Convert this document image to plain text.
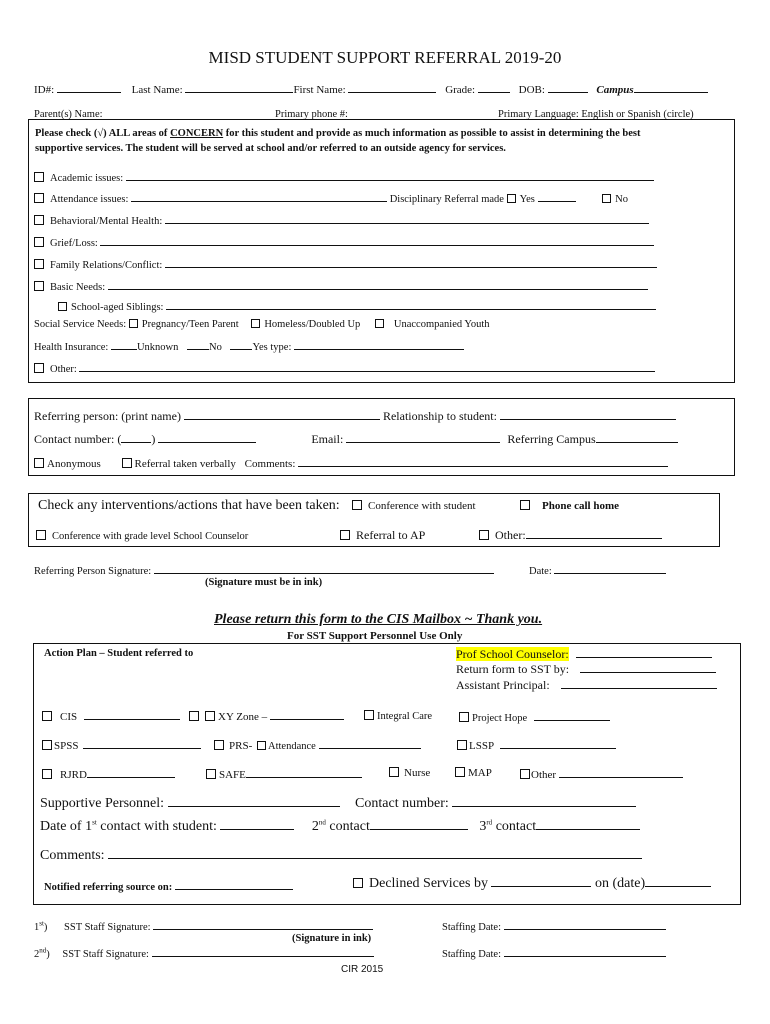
MISD STUDENT SUPPORT REFERRAL 2019-20
ID#:	Last Name:	First Name:	Grade:	DOB:	Campus
Parent(s) Name:	Primary phone #:	Primary Language: English or Spanish (circle)
Please check (√) ALL areas of CONCERN for this student and provide as much information as possible to assist in determining the best
supportive services. The student will be served at school and/or referred to an outside agency for services.
Academic issues:
Attendance issues:	Disciplinary Referral made Yes	No
Behavioral/Mental Health:
Grief/Loss:
Family Relations/Conflict:
Basic Needs:
School-aged Siblings:
Social Service Needs: Pregnancy/Teen Parent Homeless/Doubled Up	Unaccompanied Youth
Health Insurance:	Unknown	No	Yes type:
Other:
Referring person: (print name)	Relationship to student:
Contact number: (	)	Email:	Referring Campus
Anonymous	Referral taken verbally Comments:
Check any interventions/actions that have been taken:	Conference with student	Phone call home
Conference with grade level School Counselor	Referral to AP	Other:
Referring Person Signature:	Date:
(Signature must be in ink)
Please return this form to the CIS Mailbox ~ Thank you.
For SST Support Personnel Use Only
Action Plan – Student referred to	Prof School Counselor:
Return form to SST by:
Assistant Principal:
CIS	XY Zone –	Integral Care	Project Hope
SPSS	PRS- Attendance	LSSP
RJRD	SAFE	Nurse	MAP	Other
Supportive Personnel:	Contact number:
Date of 1st contact with student:	2nd contact	3rd contact
Comments:
Notified referring source on:	Declined Services by	on (date)
1st) SST Staff Signature:	Staffing Date:
(Signature in ink)
2nd) SST Staff Signature:	Staffing Date:
CIR 2015
